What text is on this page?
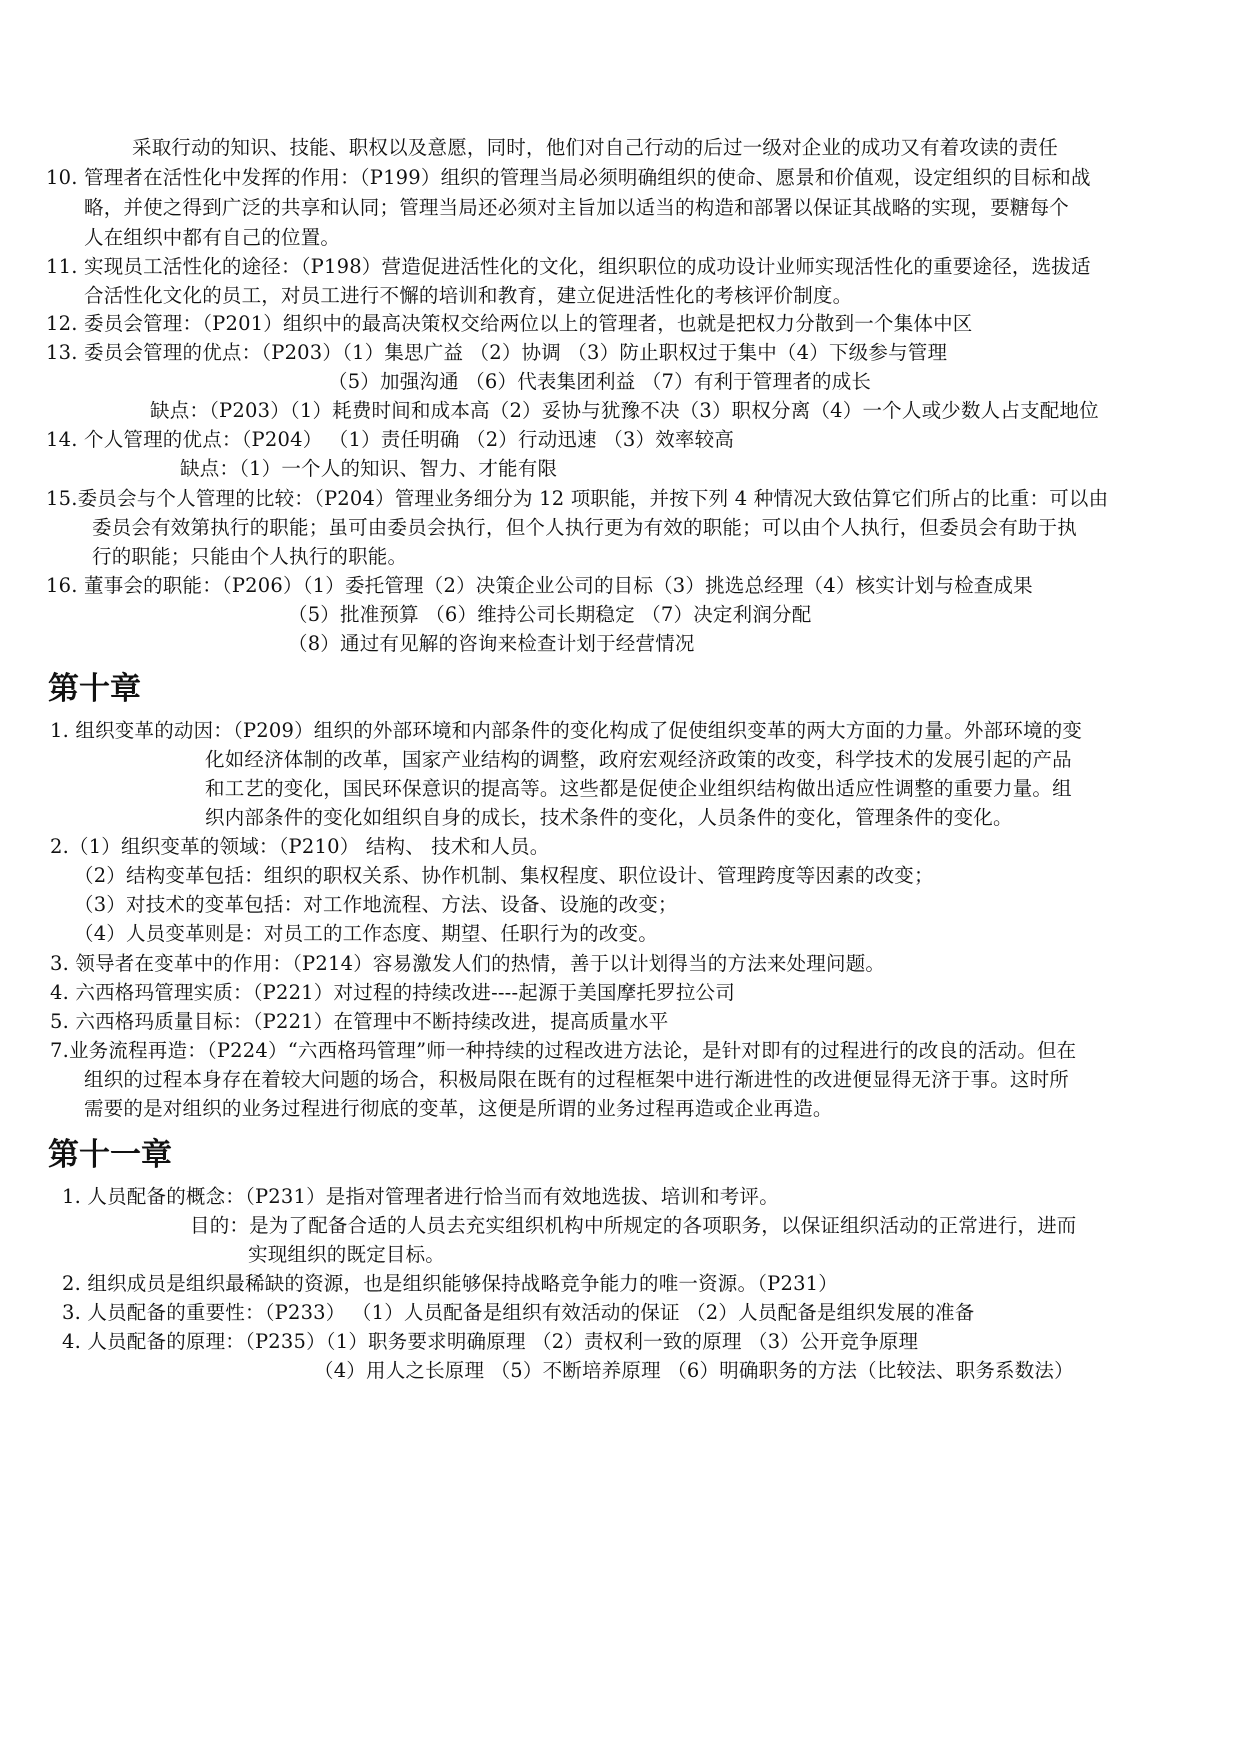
采取行动的知识、技能、职权以及意愿，同时，他们对自己行动的后过一级对企业的成功又有着攻读的责任
10. 管理者在活性化中发挥的作用：（P199）组织的管理当局必须明确组织的使命、愿景和价值观，设定组织的目标和战
略，并使之得到广泛的共享和认同；管理当局还必须对主旨加以适当的构造和部署以保证其战略的实现，要糖每个
人在组织中都有自己的位置。
11. 实现员工活性化的途径：（P198）营造促进活性化的文化，组织职位的成功设计业师实现活性化的重要途径，选拔适
合活性化文化的员工，对员工进行不懈的培训和教育，建立促进活性化的考核评价制度。
12. 委员会管理：（P201）组织中的最高决策权交给两位以上的管理者，也就是把权力分散到一个集体中区
13. 委员会管理的优点：（P203）（1）集思广益 （2）协调 （3）防止职权过于集中（4）下级参与管理
（5）加强沟通 （6）代表集团利益 （7）有利于管理者的成长
缺点：（P203）（1）耗费时间和成本高（2）妥协与犹豫不决（3）职权分离（4）一个人或少数人占支配地位
14. 个人管理的优点：（P204） （1）责任明确 （2）行动迅速 （3）效率较高
缺点：（1）一个人的知识、智力、才能有限
15.委员会与个人管理的比较：（P204）管理业务细分为 12 项职能，并按下列 4 种情况大致估算它们所占的比重：可以由
委员会有效第执行的职能；虽可由委员会执行，但个人执行更为有效的职能；可以由个人执行，但委员会有助于执
行的职能；只能由个人执行的职能。
16. 董事会的职能：（P206）（1）委托管理（2）决策企业公司的目标（3）挑选总经理（4）核实计划与检查成果
（5）批准预算 （6）维持公司长期稳定 （7）决定利润分配
（8）通过有见解的咨询来检查计划于经营情况
第十章
1. 组织变革的动因：（P209）组织的外部环境和内部条件的变化构成了促使组织变革的两大方面的力量。外部环境的变
化如经济体制的改革，国家产业结构的调整，政府宏观经济政策的改变，科学技术的发展引起的产品
和工艺的变化，国民环保意识的提高等。这些都是促使企业组织结构做出适应性调整的重要力量。组
织内部条件的变化如组织自身的成长，技术条件的变化，人员条件的变化，管理条件的变化。
2.（1）组织变革的领域：（P210） 结构、 技术和人员。
（2）结构变革包括：组织的职权关系、协作机制、集权程度、职位设计、管理跨度等因素的改变；
（3）对技术的变革包括：对工作地流程、方法、设备、设施的改变；
（4）人员变革则是：对员工的工作态度、期望、任职行为的改变。
3. 领导者在变革中的作用：（P214）容易激发人们的热情，善于以计划得当的方法来处理问题。
4. 六西格玛管理实质：（P221）对过程的持续改进----起源于美国摩托罗拉公司
5. 六西格玛质量目标：（P221）在管理中不断持续改进，提高质量水平
7.业务流程再造：（P224）“六西格玛管理”师一种持续的过程改进方法论，是针对即有的过程进行的改良的活动。但在
组织的过程本身存在着较大问题的场合，积极局限在既有的过程框架中进行渐进性的改进便显得无济于事。这时所
需要的是对组织的业务过程进行彻底的变革，这便是所谓的业务过程再造或企业再造。
第十一章
1. 人员配备的概念：（P231）是指对管理者进行恰当而有效地选拔、培训和考评。
目的：是为了配备合适的人员去充实组织机构中所规定的各项职务，以保证组织活动的正常进行，进而
实现组织的既定目标。
2. 组织成员是组织最稀缺的资源，也是组织能够保持战略竞争能力的唯一资源。（P231）
3. 人员配备的重要性：（P233） （1）人员配备是组织有效活动的保证 （2）人员配备是组织发展的准备
4. 人员配备的原理：（P235）（1）职务要求明确原理 （2）责权利一致的原理 （3）公开竞争原理
（4）用人之长原理 （5）不断培养原理 （6）明确职务的方法（比较法、职务系数法）
